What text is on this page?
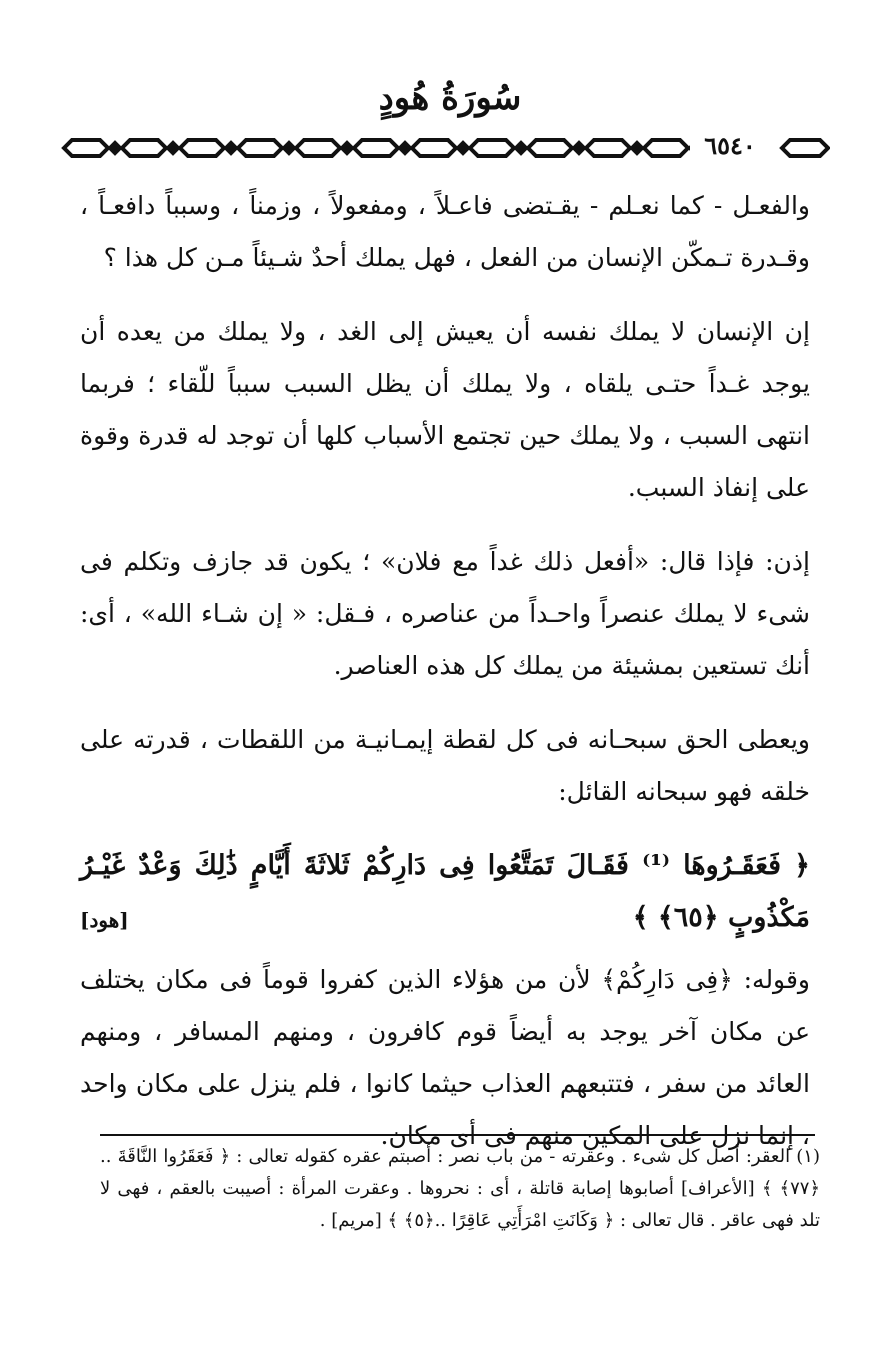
سُورَةُ هُودٍ
٦٥٤٠

والفعـل - كما نعـلم - يقـتضى فاعـلاً ، ومفعولاً ، وزمناً ، وسبباً دافعـاً ، وقـدرة تـمكّن الإنسان من الفعل ، فهل يملك أحدٌ شـيئاً مـن كل هذا ؟

إن الإنسان لا يملك نفسه أن يعيش إلى الغد ، ولا يملك من يعده أن يوجد غـداً حتـى يلقاه ، ولا يملك أن يظل السبب سبباً للّقاء ؛ فربما انتهى السبب ، ولا يملك حين تجتمع الأسباب كلها أن توجد له قدرة وقوة على إنفاذ السبب.

إذن: فإذا قال: «أفعل ذلك غداً مع فلان» ؛ يكون قد جازف وتكلم فى شىء لا يملك عنصراً واحـداً من عناصره ، فـقل: « إن شـاء الله» ، أى: أنك تستعين بمشيئة من يملك كل هذه العناصر.

ويعطى الحق سبحـانه فى كل لقطة إيمـانيـة من اللقطات ، قدرته على خلقه فهو سبحانه القائل:

﴿ فَعَقَـرُوهَا ⁽¹⁾ فَقَـالَ تَمَتَّعُوا فِى دَارِكُمْ ثَلاثَةَ أَيَّامٍ ذَٰلِكَ وَعْدٌ غَيْـرُ مَكْذُوبٍ ﴿٦٥﴾ ﴾

[هود]

وقوله: ﴿فِى دَارِكُمْ﴾ لأن من هؤلاء الذين كفروا قوماً فى مكان يختلف عن مكان آخر يوجد به أيضاً قوم كافرون ، ومنهم المسافر ، ومنهم العائد من سفر ، فتتبعهم العذاب حيثما كانوا ، فلم ينزل على مكان واحد ، إنما نزل على المكين منهم فى أى مكان.

(١) العقر: أصل كل شىء . وعقرته - من باب نصر : أصبتم عقره كقوله تعالى : ﴿ فَعَقَرُوا النَّاقَةَ ..﴿٧٧﴾ ﴾ [الأعراف] أصابوها إصابة قاتلة ، أى : نحروها . وعقرت المرأة : أصيبت بالعقم ، فهى لا تلد فهى عاقر . قال تعالى : ﴿ وَكَانَتِ امْرَأَتِي عَاقِرًا ..﴿٥﴾ ﴾ [مريم] .
